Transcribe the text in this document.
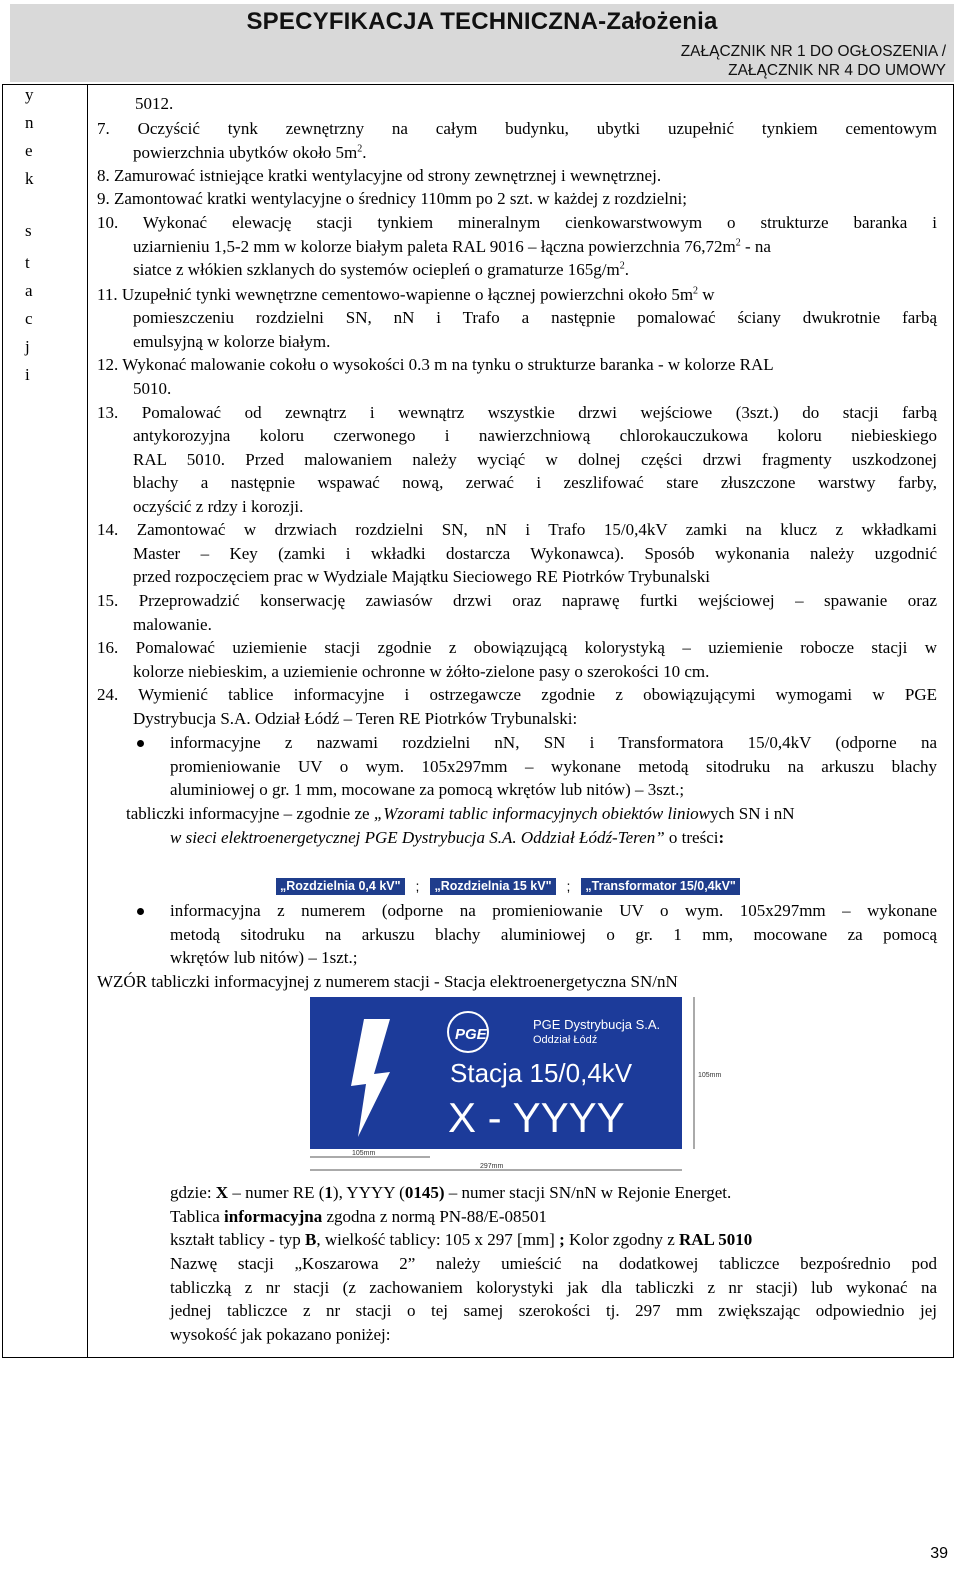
SPECYFIKACJA TECHNICZNA-Założenia
ZAŁĄCZNIK NR 1 DO OGŁOSZENIA /
ZAŁĄCZNIK NR 4 DO UMOWY
y
n
e
k
s
t
a
c
j
i
5012.
7. Oczyścić tynk zewnętrzny na całym budynku, ubytki uzupełnić tynkiem cementowym
powierzchnia ubytków około $5m^2$.
8. Zamurować istniejące kratki wentylacyjne od strony zewnętrznej i wewnętrznej.
9. Zamontować kratki wentylacyjne o średnicy 110mm po 2 szt. w każdej z rozdzielni;
10. Wykonać elewację stacji tynkiem mineralnym cienkowarstwowym o strukturze baranka i
uziarnieniu 1,5-2 mm w kolorze białym paleta RAL 9016 – łączna powierzchnia $76,72m^2$ - na
siatce z włókien szklanych do systemów ociepleń o gramaturze $165g/m^2$.
11. Uzupełnić tynki wewnętrzne cementowo-wapienne o łącznej powierzchni około $5m^2$ w
pomieszczeniu rozdzielni SN, nN i Trafo a następnie pomalować ściany dwukrotnie farbą
emulsyjną w kolorze białym.
12. Wykonać malowanie cokołu o wysokości 0.3 m na tynku o strukturze baranka - w kolorze RAL
5010.
13. Pomalować od zewnątrz i wewnątrz wszystkie drzwi wejściowe (3szt.) do stacji farbą
antykorozyjna koloru czerwonego i nawierzchniową chlorokauczukowa koloru niebieskiego
RAL 5010. Przed malowaniem należy wyciąć w dolnej części drzwi fragmenty uszkodzonej
blachy a następnie wspawać nową, zerwać i zeszlifować stare złuszczone warstwy farby,
oczyścić z rdzy i korozji.
14. Zamontować w drzwiach rozdzielni SN, nN i Trafo 15/0,4kV zamki na klucz z wkładkami
Master – Key (zamki i wkładki dostarcza Wykonawca). Sposób wykonania należy uzgodnić
przed rozpoczęciem prac w Wydziale Majątku Sieciowego RE Piotrków Trybunalski
15. Przeprowadzić konserwację zawiasów drzwi oraz naprawę furtki wejściowej – spawanie oraz
malowanie.
16. Pomalować uziemienie stacji zgodnie z obowiązującą kolorystyką – uziemienie robocze stacji w
kolorze niebieskim, a uziemienie ochronne w żółto-zielone pasy o szerokości 10 cm.
24. Wymienić tablice informacyjne i ostrzegawcze zgodnie z obowiązującymi wymogami w PGE
Dystrybucja S.A. Odział Łódź – Teren RE Piotrków Trybunalski:
informacyjne z nazwami rozdzielni nN, SN i Transformatora 15/0,4kV (odporne na
promieniowanie UV o wym. 105x297mm – wykonane metodą sitodruku na arkuszu blachy
aluminiowej o gr. 1 mm, mocowane za pomocą wkrętów lub nitów) – 3szt.;
tabliczki informacyjne – zgodnie ze „Wzorami tablic informacyjnych obiektów liniowych SN i nN
w sieci elektroenergetycznej PGE Dystrybucja S.A. Oddział Łódź-Teren” o treści:
„Rozdzielnia 0,4 kV" ;	„Rozdzielnia 15 kV" ;	„Transformator 15/0,4kV"
informacyjna z numerem (odporne na promieniowanie UV o wym. 105x297mm – wykonane
metodą sitodruku na arkuszu blachy aluminiowej o gr. 1 mm, mocowane za pomocą
wkrętów lub nitów) – 1szt.;
WZÓR tabliczki informacyjnej z numerem stacji - Stacja elektroenergetyczna SN/nN
PGE
PGE Dystrybucja S.A.
Oddział Łódź
Stacja 15/0,4kV
X - YYYY
105mm
297mm
105mm
gdzie: X – numer RE (1), YYYY (0145) – numer stacji SN/nN w Rejonie Energet.
Tablica informacyjna zgodna z normą PN-88/E-08501
kształt tablicy - typ B, wielkość tablicy: 105 x 297 [mm] ; Kolor zgodny z RAL 5010
Nazwę stacji „Koszarowa 2” należy umieścić na dodatkowej tabliczce bezpośrednio pod
tabliczką z nr stacji (z zachowaniem kolorystyki jak dla tabliczki z nr stacji) lub wykonać na
jednej tabliczce z nr stacji o tej samej szerokości tj. 297 mm zwiększając odpowiednio jej
wysokość jak pokazano poniżej:
39
